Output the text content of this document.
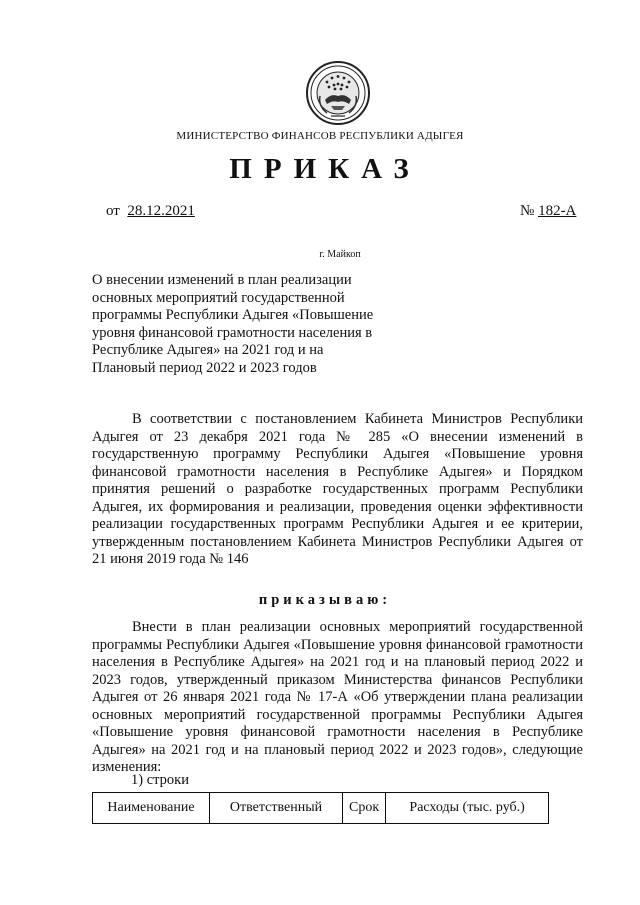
МИНИСТЕРСТВО ФИНАНСОВ РЕСПУБЛИКИ АДЫГЕЯ
ПРИКАЗ
от 28.12.2021	№ 182-А
г. Майкоп
О внесении изменений в план реализации
основных мероприятий государственной
программы Республики Адыгея «Повышение
уровня финансовой грамотности населения в
Республике Адыгея» на 2021 год и на
Плановый период 2022 и 2023 годов
В соответствии с постановлением Кабинета Министров Республики Адыгея от 23 декабря 2021 года № 285 «О внесении изменений в государственную программу Республики Адыгея «Повышение уровня финансовой грамотности населения в Республике Адыгея» и Порядком принятия решений о разработке государственных программ Республики Адыгея, их формирования и реализации, проведения оценки эффективности реализации государственных программ Республики Адыгея и ее критерии, утвержденным постановлением Кабинета Министров Республики Адыгея от 21 июня 2019 года № 146
приказываю:
Внести в план реализации основных мероприятий государственной программы Республики Адыгея «Повышение уровня финансовой грамотности населения в Республике Адыгея» на 2021 год и на плановый период 2022 и 2023 годов, утвержденный приказом Министерства финансов Республики Адыгея от 26 января 2021 года № 17-А «Об утверждении плана реализации основных мероприятий государственной программы Республики Адыгея «Повышение уровня финансовой грамотности населения в Республике Адыгея» на 2021 год и на плановый период 2022 и 2023 годов», следующие изменения:
1) строки
Наименование	Ответственный	Срок	Расходы (тыс. руб.)
